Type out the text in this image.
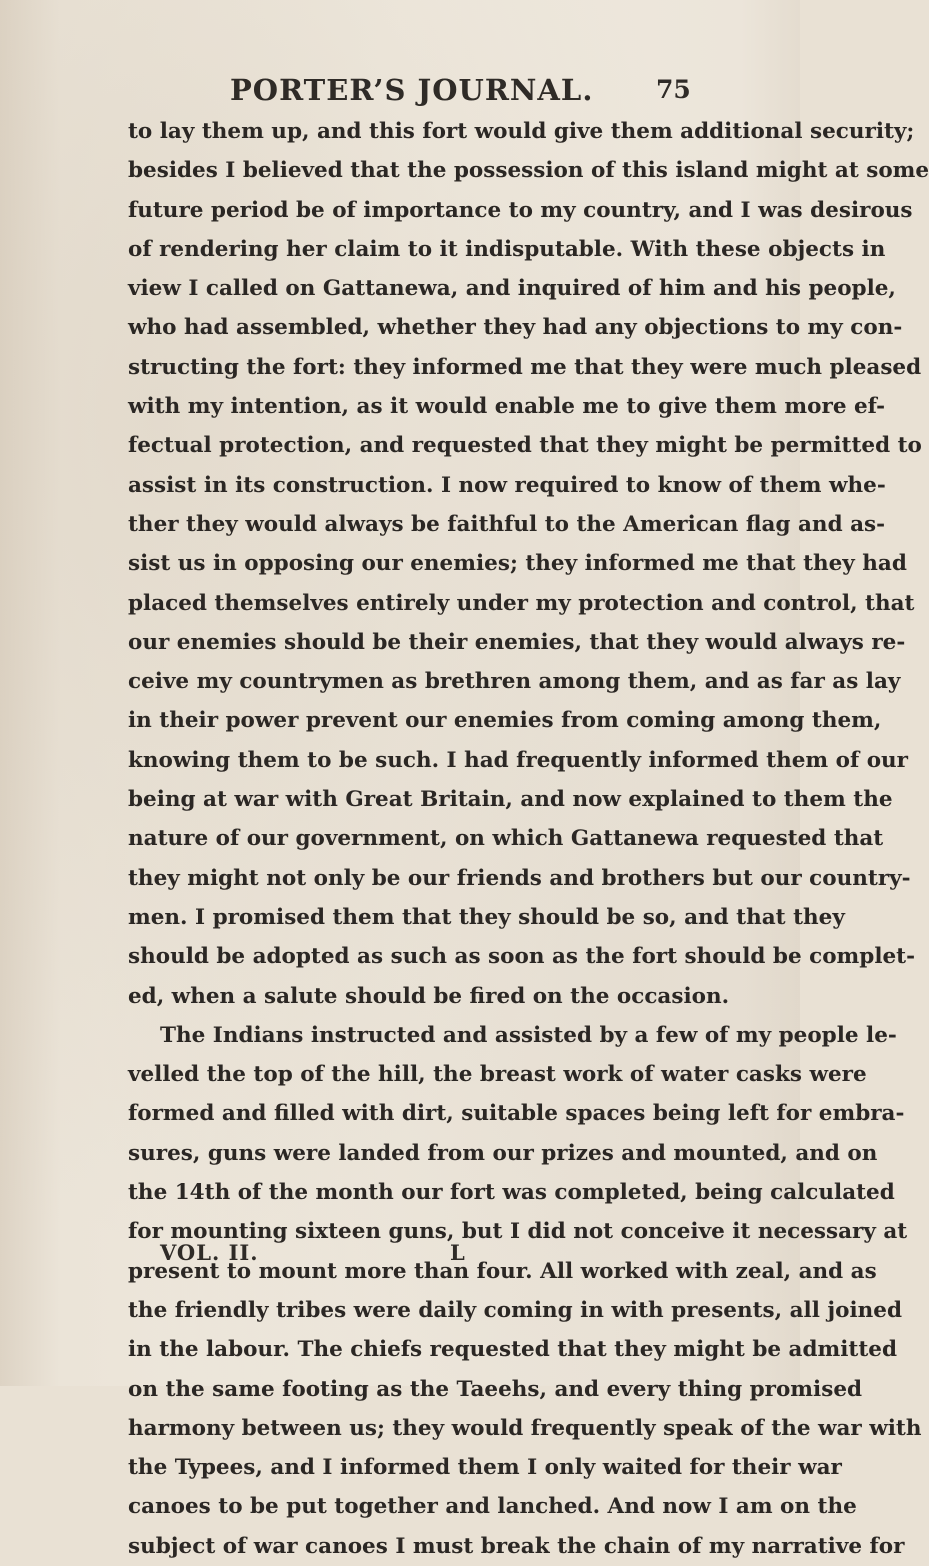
PORTER’S JOURNAL.	75
to lay them up, and this fort would give them additional security;
besides I believed that the possession of this island might at some
future period be of importance to my country, and I was desirous
of rendering her claim to it indisputable. With these objects in
view I called on Gattanewa, and inquired of him and his people,
who had assembled, whether they had any objections to my con-
structing the fort: they informed me that they were much pleased
with my intention, as it would enable me to give them more ef-
fectual protection, and requested that they might be permitted to
assist in its construction. I now required to know of them whe-
ther they would always be faithful to the American flag and as-
sist us in opposing our enemies; they informed me that they had
placed themselves entirely under my protection and control, that
our enemies should be their enemies, that they would always re-
ceive my countrymen as brethren among them, and as far as lay
in their power prevent our enemies from coming among them,
knowing them to be such. I had frequently informed them of our
being at war with Great Britain, and now explained to them the
nature of our government, on which Gattanewa requested that
they might not only be our friends and brothers but our country-
men. I promised them that they should be so, and that they
should be adopted as such as soon as the fort should be complet-
ed, when a salute should be fired on the occasion.
The Indians instructed and assisted by a few of my people le-
velled the top of the hill, the breast work of water casks were
formed and filled with dirt, suitable spaces being left for embra-
sures, guns were landed from our prizes and mounted, and on
the 14th of the month our fort was completed, being calculated
for mounting sixteen guns, but I did not conceive it necessary at
present to mount more than four. All worked with zeal, and as
the friendly tribes were daily coming in with presents, all joined
in the labour. The chiefs requested that they might be admitted
on the same footing as the Taeehs, and every thing promised
harmony between us; they would frequently speak of the war with
the Typees, and I informed them I only waited for their war
canoes to be put together and lanched. And now I am on the
subject of war canoes I must break the chain of my narrative for
VOL. II.	L
